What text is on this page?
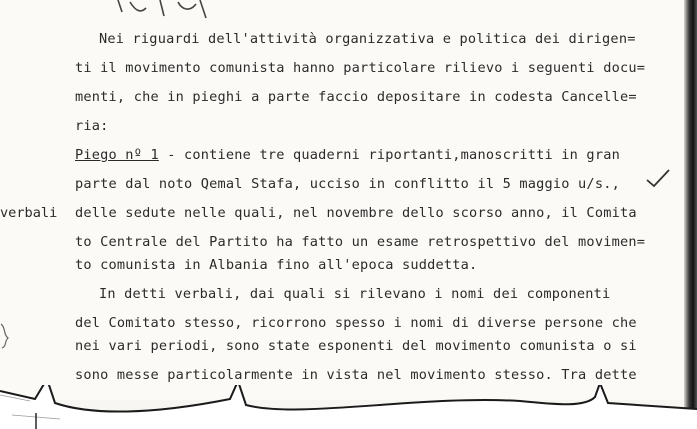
Nei riguardi dell'attività organizzativa e politica dei dirigen=
ti il movimento comunista hanno particolare rilievo i seguenti docu=
menti, che in pieghi a parte faccio depositare in codesta Cancelle=
ria:
Piego nº 1 - contiene tre quaderni riportanti,manoscritti in gran
parte dal noto Qemal Stafa, ucciso in conflitto il 5 maggio u/s.,
delle sedute nelle quali, nel novembre dello scorso anno, il Comita
to Centrale del Partito ha fatto un esame retrospettivo del movimen=
to comunista in Albania fino all'epoca suddetta.
In detti verbali, dai quali si rilevano i nomi dei componenti
del Comitato stesso, ricorrono spesso i nomi di diverse persone che
nei vari periodi, sono state esponenti del movimento comunista o si
sono messe particolarmente in vista nel movimento stesso. Tra dette
verbali
